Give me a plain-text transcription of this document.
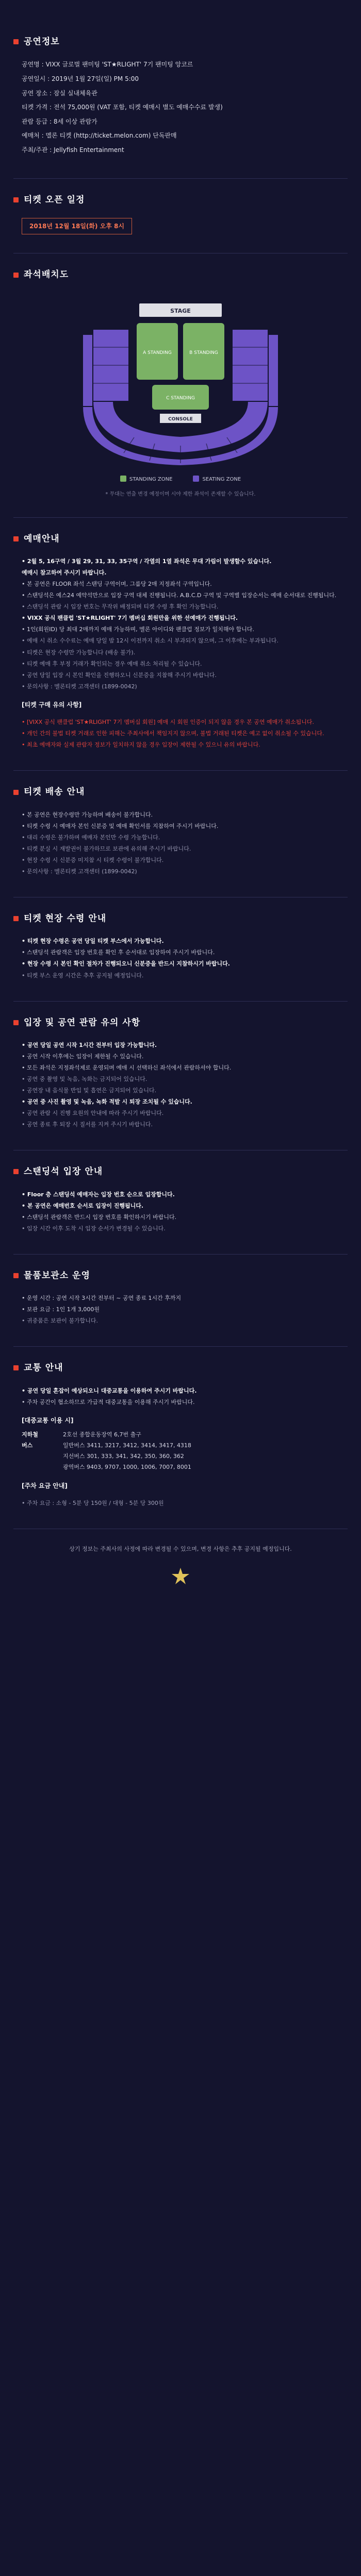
공연정보
공연명 : VIXX 글로벌 팬미팅 'ST★RLIGHT' 7기 팬미팅 앙코르
공연일시 : 2019년 1월 27일(일) PM 5:00
공연 장소 : 잠실 실내체육관
티켓 가격 : 전석 75,000원 (VAT 포함, 티켓 예매시 별도 예매수수료 발생)
관람 등급 : 8세 이상 관람가
예매처 : 멜론 티켓 (http://ticket.melon.com) 단독판매
주최/주관 : Jellyfish Entertainment
티켓 오픈 일정
2018년 12월 18일(화) 오후 8시
좌석배치도
STAGE
A STANDING	B STANDING
C STANDING
CONSOLE
STANDING ZONE	SEATING ZONE
* 무대는 연출 변경 예정이며 시야 제한 좌석이 존재할 수 있습니다.
예매안내

• 2월 5, 16구역 / 3월 29, 31, 33, 35구역 / 각열의 1열 좌석은 무대 가림이 발생할수 있습니다.

예매시 참고하여 주시기 바랍니다.

• 본 공연은 FLOOR 좌석 스탠딩 구역이며, 그룹당 2매 지정좌석 구역입니다.

• 스탠딩석은 예스24 예약석만으로 입장 구역 대체 진행됩니다. A.B.C.D 구역 및 구역별 입장순서는 예매 순서대로 진행됩니다.

• 스탠딩석 관람 시 입장 번호는 무작위 배정되며 티켓 수령 후 확인 가능합니다.

• VIXX 공식 팬클럽 'ST★RLIGHT' 7기 멤버십 회원만을 위한 선예매가 진행됩니다.

• 1인(회원ID) 당 최대 2매까지 예매 가능하며, 멜론 아이디와 팬클럽 정보가 일치해야 합니다.

• 예매 시 취소 수수료는 예매 당일 밤 12시 이전까지 취소 시 부과되지 않으며, 그 이후에는 부과됩니다.

• 티켓은 현장 수령만 가능합니다 (배송 불가).

• 티켓 예매 후 부정 거래가 확인되는 경우 예매 취소 처리될 수 있습니다.

• 공연 당일 입장 시 본인 확인을 진행하오니 신분증을 지참해 주시기 바랍니다.

• 문의사항 : 멜론티켓 고객센터 (1899-0042)

[티켓 구매 유의 사항]

• [VIXX 공식 팬클럽 'ST★RLIGHT' 7기 멤버십 회원] 예매 시 회원 인증이 되지 않을 경우 본 공연 예매가 취소됩니다.

• 개인 간의 불법 티켓 거래로 인한 피해는 주최사에서 책임지지 않으며, 불법 거래된 티켓은 예고 없이 취소될 수 있습니다.

• 최초 예매자와 실제 관람자 정보가 일치하지 않을 경우 입장이 제한될 수 있으니 유의 바랍니다.

티켓 배송 안내

• 본 공연은 현장수령만 가능하며 배송이 불가합니다.

• 티켓 수령 시 예매자 본인 신분증 및 예매 확인서를 지참하여 주시기 바랍니다.

• 대리 수령은 불가하며 예매자 본인만 수령 가능합니다.

• 티켓 분실 시 재발권이 불가하므로 보관에 유의해 주시기 바랍니다.

• 현장 수령 시 신분증 미지참 시 티켓 수령이 불가합니다.

• 문의사항 : 멜론티켓 고객센터 (1899-0042)

티켓 현장 수령 안내

• 티켓 현장 수령은 공연 당일 티켓 부스에서 가능합니다.

• 스탠딩석 관람객은 입장 번호를 확인 후 순서대로 입장하여 주시기 바랍니다.

• 현장 수령 시 본인 확인 절차가 진행되오니 신분증을 반드시 지참하시기 바랍니다.

• 티켓 부스 운영 시간은 추후 공지될 예정입니다.

입장 및 공연 관람 유의 사항

• 공연 당일 공연 시작 1시간 전부터 입장 가능합니다.

• 공연 시작 이후에는 입장이 제한될 수 있습니다.

• 모든 좌석은 지정좌석제로 운영되며 예매 시 선택하신 좌석에서 관람하셔야 합니다.

• 공연 중 촬영 및 녹음, 녹화는 금지되어 있습니다.

• 공연장 내 음식물 반입 및 흡연은 금지되어 있습니다.

• 공연 중 사진 촬영 및 녹음, 녹화 적발 시 퇴장 조치될 수 있습니다.

• 공연 관람 시 진행 요원의 안내에 따라 주시기 바랍니다.

• 공연 종료 후 퇴장 시 질서를 지켜 주시기 바랍니다.

스탠딩석 입장 안내

• Floor 층 스탠딩석 예매자는 입장 번호 순으로 입장합니다.

• 본 공연은 예매번호 순서로 입장이 진행됩니다.

• 스탠딩석 관람객은 반드시 입장 번호를 확인하시기 바랍니다.

• 입장 시간 이후 도착 시 입장 순서가 변경될 수 있습니다.

물품보관소 운영

• 운영 시간 : 공연 시작 3시간 전부터 ~ 공연 종료 1시간 후까지

• 보관 요금 : 1인 1개 3,000원

• 귀중품은 보관이 불가합니다.

교통 안내

• 공연 당일 혼잡이 예상되오니 대중교통을 이용하여 주시기 바랍니다.

• 주차 공간이 협소하므로 가급적 대중교통을 이용해 주시기 바랍니다.

[대중교통 이용 시]
지하철	2호선 종합운동장역 6,7번 출구
버스	일반버스 3411, 3217, 3412, 3414, 3417, 4318
지선버스 301, 333, 341, 342, 350, 360, 362
광역버스 9403, 9707, 1000, 1006, 7007, 8001
[주차 요금 안내]

• 주차 요금 : 소형 - 5분 당 150원 / 대형 - 5분 당 300원

상기 정보는 주최사의 사정에 따라 변경될 수 있으며, 변경 사항은 추후 공지될 예정입니다.
